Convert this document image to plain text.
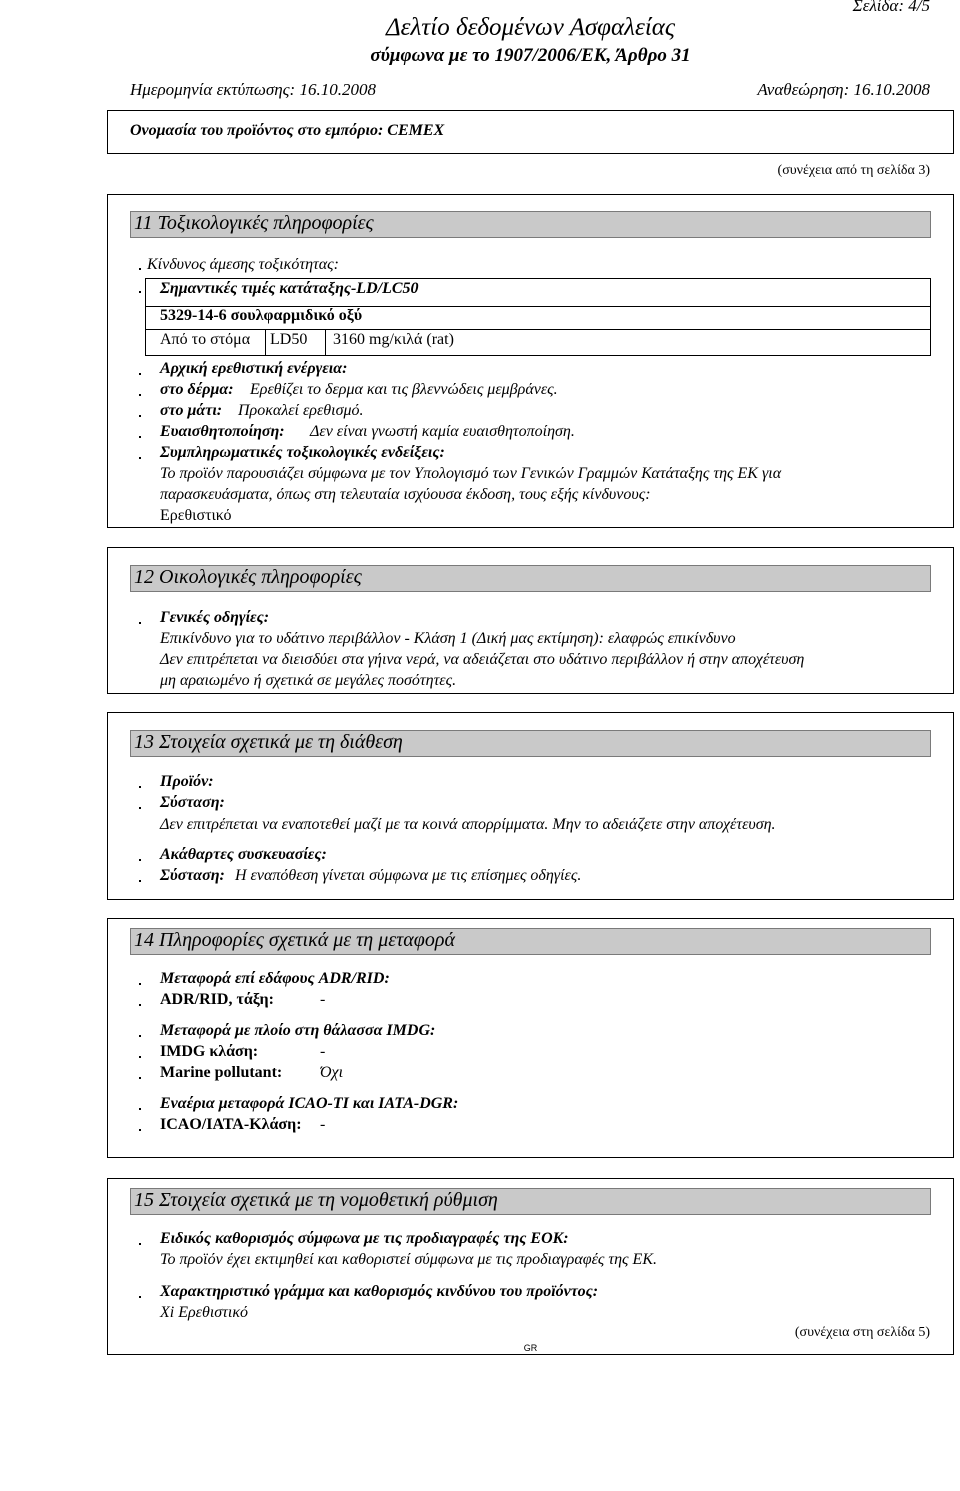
Σελίδα: 4/5
Δελτίο δεδομένων Ασφαλείας
σύμφωνα με το 1907/2006/ΕΚ, Άρθρο 31
Ημερομηνία εκτύπωσης: 16.10.2008	Αναθεώρηση: 16.10.2008
Ονομασία του προϊόντος στο εμπόριο: CEMEX
(συνέχεια από τη σελίδα 3)
11 Τοξικολογικές πληροφορίες
Κίνδυνος άμεσης τοξικότητας:
Σημαντικές τιμές κατάταξης-LD/LC50
5329-14-6 σουλφαρμιδικό οξύ
Από το στόμα LD50 3160 mg/κιλά (rat)
Αρχική ερεθιστική ενέργεια:
στο δέρμα: Ερεθίζει το δερμα και τις βλεννώδεις μεμβράνες.
στο μάτι: Προκαλεί ερεθισμό.
Ευαισθητοποίηση: Δεν είναι γνωστή καμία ευαισθητοποίηση.
Συμπληρωματικές τοξικολογικές ενδείξεις:
Το προϊόν παρουσιάζει σύμφωνα με τον Υπολογισμό των Γενικών Γραμμών Κατάταξης της ΕΚ για
παρασκευάσματα, όπως στη τελευταία ισχύουσα έκδοση, τους εξής κίνδυνους:
Ερεθιστικό
12 Οικολογικές πληροφορίες
Γενικές οδηγίες:
Επικίνδυνο για το υδάτινο περιβάλλον - Κλάση 1 (Δική μας εκτίμηση): ελαφρώς επικίνδυνο
Δεν επιτρέπεται να διεισδύει στα γήινα νερά, να αδειάζεται στο υδάτινο περιβάλλον ή στην αποχέτευση
μη αραιωμένο ή σχετικά σε μεγάλες ποσότητες.
13 Στοιχεία σχετικά με τη διάθεση
Προϊόν:
Σύσταση:
Δεν επιτρέπεται να εναποτεθεί μαζί με τα κοινά απορρίμματα. Μην το αδειάζετε στην αποχέτευση.
Ακάθαρτες συσκευασίες:
Σύσταση: Η εναπόθεση γίνεται σύμφωνα με τις επίσημες οδηγίες.
14 Πληροφορίες σχετικά με τη μεταφορά
Μεταφορά επί εδάφους ADR/RID:
ADR/RID, τάξη:	-
Μεταφορά με πλοίο στη θάλασσα IMDG:
IMDG κλάση:	-
Marine pollutant: Όχι
Εναέρια μεταφορά ICAO-TI και IATA-DGR:
ICAO/IATA-Κλάση: -
15 Στοιχεία σχετικά με τη νομοθετική ρύθμιση
Ειδικός καθορισμός σύμφωνα με τις προδιαγραφές της ΕΟΚ:
Το προϊόν έχει εκτιμηθεί και καθοριστεί σύμφωνα με τις προδιαγραφές της ΕΚ.
Χαρακτηριστικό γράμμα και καθορισμός κινδύνου του προϊόντος:
Xi Ερεθιστικό
(συνέχεια στη σελίδα 5)
GR
